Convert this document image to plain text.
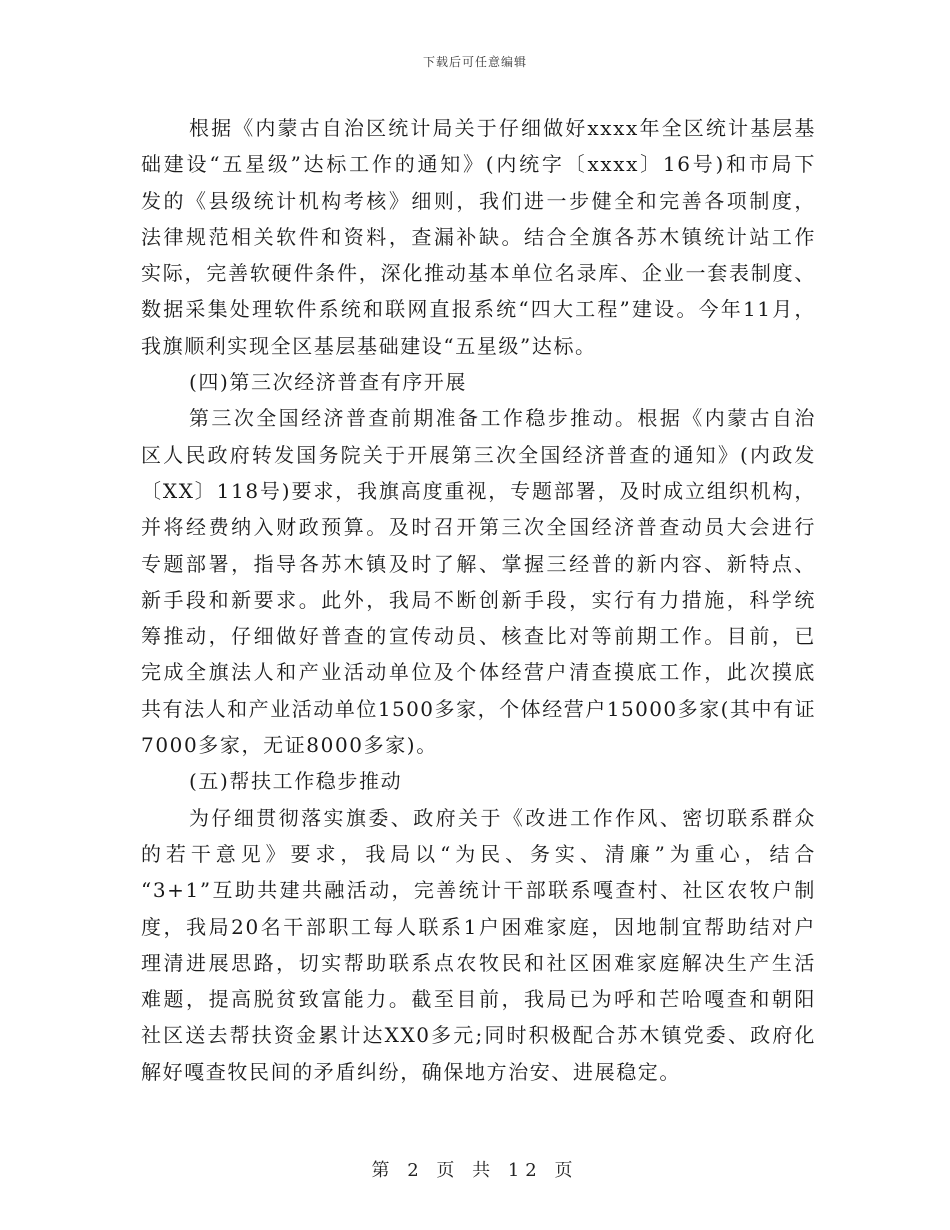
下载后可任意编辑
根据《内蒙古自治区统计局关于仔细做好xxxx年全区统计基层基
础建设“五星级”达标工作的通知》(内统字〔xxxx〕16号)和市局下
发的《县级统计机构考核》细则，我们进一步健全和完善各项制度，
法律规范相关软件和资料，查漏补缺。结合全旗各苏木镇统计站工作
实际，完善软硬件条件，深化推动基本单位名录库、企业一套表制度、
数据采集处理软件系统和联网直报系统“四大工程”建设。今年11月，
我旗顺利实现全区基层基础建设“五星级”达标。
(四)第三次经济普查有序开展
第三次全国经济普查前期准备工作稳步推动。根据《内蒙古自治
区人民政府转发国务院关于开展第三次全国经济普查的通知》(内政发
〔XX〕118号)要求，我旗高度重视，专题部署，及时成立组织机构，
并将经费纳入财政预算。及时召开第三次全国经济普查动员大会进行
专题部署，指导各苏木镇及时了解、掌握三经普的新内容、新特点、
新手段和新要求。此外，我局不断创新手段，实行有力措施，科学统
筹推动，仔细做好普查的宣传动员、核查比对等前期工作。目前，已
完成全旗法人和产业活动单位及个体经营户清查摸底工作，此次摸底
共有法人和产业活动单位1500多家，个体经营户15000多家(其中有证
7000多家，无证8000多家)。
(五)帮扶工作稳步推动
为仔细贯彻落实旗委、政府关于《改进工作作风、密切联系群众
的若干意见》要求，我局以“为民、务实、清廉”为重心，结合
“3+1”互助共建共融活动，完善统计干部联系嘎查村、社区农牧户制
度，我局20名干部职工每人联系1户困难家庭，因地制宜帮助结对户
理清进展思路，切实帮助联系点农牧民和社区困难家庭解决生产生活
难题，提高脱贫致富能力。截至目前，我局已为呼和芒哈嘎查和朝阳
社区送去帮扶资金累计达XX0多元;同时积极配合苏木镇党委、政府化
解好嘎查牧民间的矛盾纠纷，确保地方治安、进展稳定。
第 2 页 共 12 页
